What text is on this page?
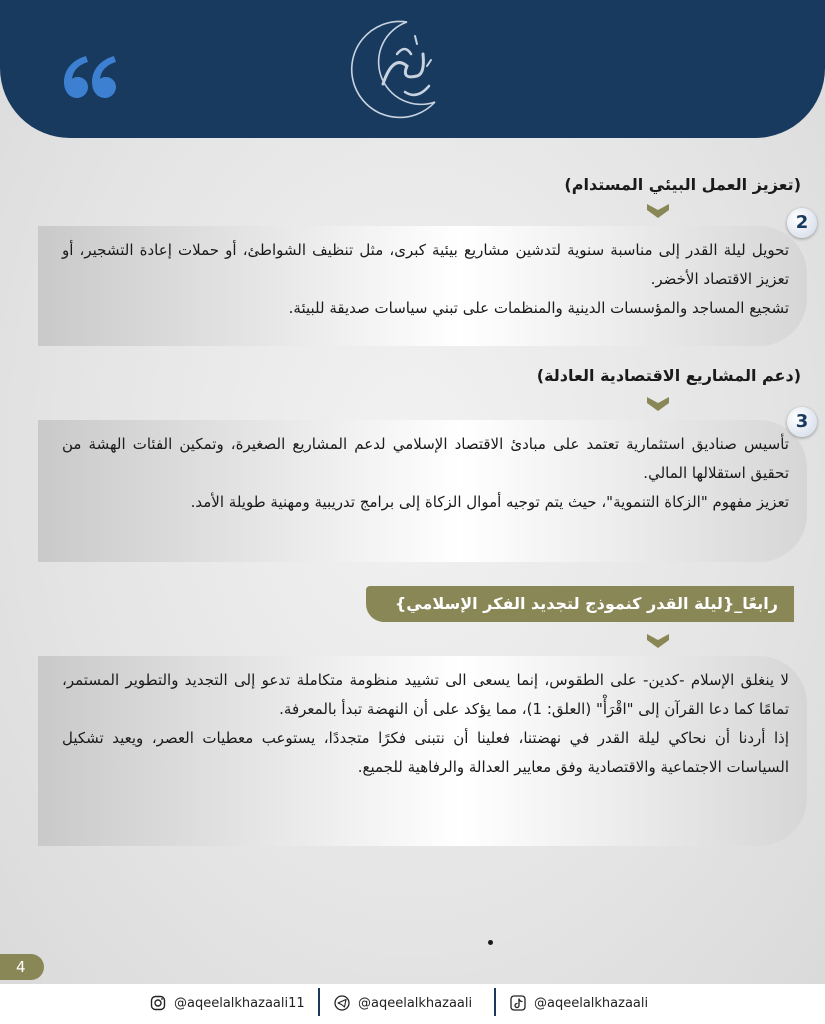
(تعزيز العمل البيئي المستدام)

تحويل ليلة القدر إلى مناسبة سنوية لتدشين مشاريع بيئية كبرى، مثل تنظيف الشواطئ، أو حملات إعادة التشجير، أو تعزيز الاقتصاد الأخضر.

تشجيع المساجد والمؤسسات الدينية والمنظمات على تبني سياسات صديقة للبيئة.

2
(دعم المشاريع الاقتصادية العادلة)

تأسيس صناديق استثمارية تعتمد على مبادئ الاقتصاد الإسلامي لدعم المشاريع الصغيرة، وتمكين الفئات الهشة من تحقيق استقلالها المالي.

تعزيز مفهوم "الزكاة التنموية"، حيث يتم توجيه أموال الزكاة إلى برامج تدريبية ومهنية طويلة الأمد.

3
رابعًا_{ليلة القدر كنموذج لتجديد الفكر الإسلامي}

لا ينغلق الإسلام -كدين- على الطقوس، إنما يسعى الى تشييد منظومة متكاملة تدعو إلى التجديد والتطوير المستمر، تمامًا كما دعا القرآن إلى "اقْرَأْ" (العلق: 1)، مما يؤكد على أن النهضة تبدأ بالمعرفة.

إذا أردنا أن نحاكي ليلة القدر في نهضتنا، فعلينا أن نتبنى فكرًا متجددًا، يستوعب معطيات العصر، ويعيد تشكيل السياسات الاجتماعية والاقتصادية وفق معايير العدالة والرفاهية للجميع.

4
@aqeelalkhazaali11	@aqeelalkhazaali	@aqeelalkhazaali
